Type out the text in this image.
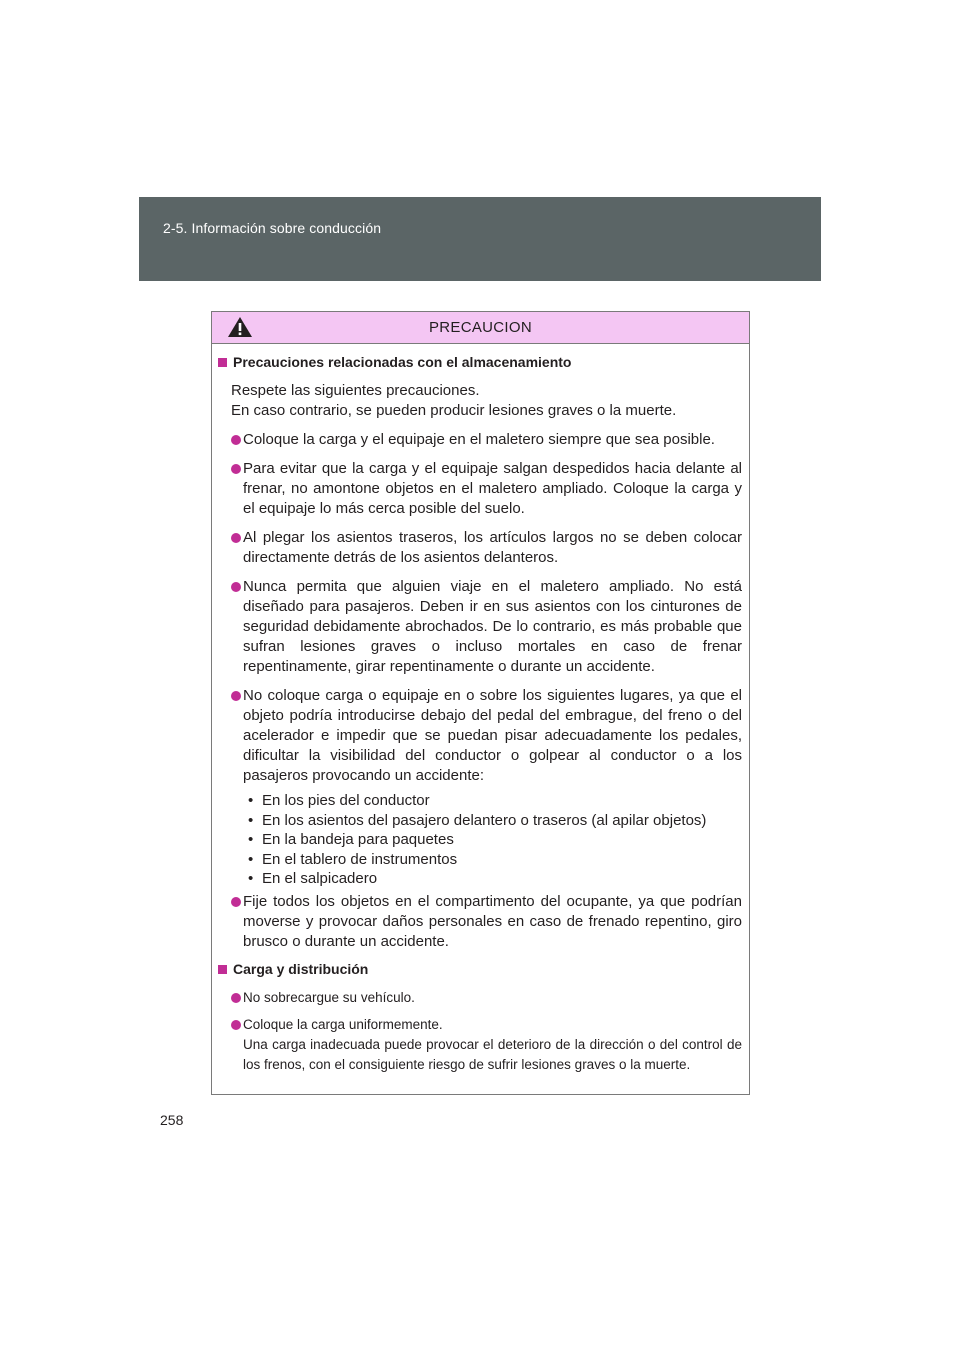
2-5. Información sobre conducción
PRECAUCION
Precauciones relacionadas con el almacenamiento
Respete las siguientes precauciones.
En caso contrario, se pueden producir lesiones graves o la muerte.
Coloque la carga y el equipaje en el maletero siempre que sea posible.
Para evitar que la carga y el equipaje salgan despedidos hacia delante al frenar, no amontone objetos en el maletero ampliado. Coloque la carga y el equipaje lo más cerca posible del suelo.
Al plegar los asientos traseros, los artículos largos no se deben colocar directamente detrás de los asientos delanteros.
Nunca permita que alguien viaje en el maletero ampliado. No está diseñado para pasajeros. Deben ir en sus asientos con los cinturones de seguridad debidamente abrochados. De lo contrario, es más probable que sufran lesiones graves o incluso mortales en caso de frenar repentinamente, girar repentinamente o durante un accidente.
No coloque carga o equipaje en o sobre los siguientes lugares, ya que el objeto podría introducirse debajo del pedal del embrague, del freno o del acelerador e impedir que se puedan pisar adecuadamente los pedales, dificultar la visibilidad del conductor o golpear al conductor o a los pasajeros provocando un accidente:
• En los pies del conductor
• En los asientos del pasajero delantero o traseros (al apilar objetos)
• En la bandeja para paquetes
• En el tablero de instrumentos
• En el salpicadero
Fije todos los objetos en el compartimento del ocupante, ya que podrían moverse y provocar daños personales en caso de frenado repentino, giro brusco o durante un accidente.
Carga y distribución
No sobrecargue su vehículo.
Coloque la carga uniformemente.
Una carga inadecuada puede provocar el deterioro de la dirección o del control de los frenos, con el consiguiente riesgo de sufrir lesiones graves o la muerte.
258
